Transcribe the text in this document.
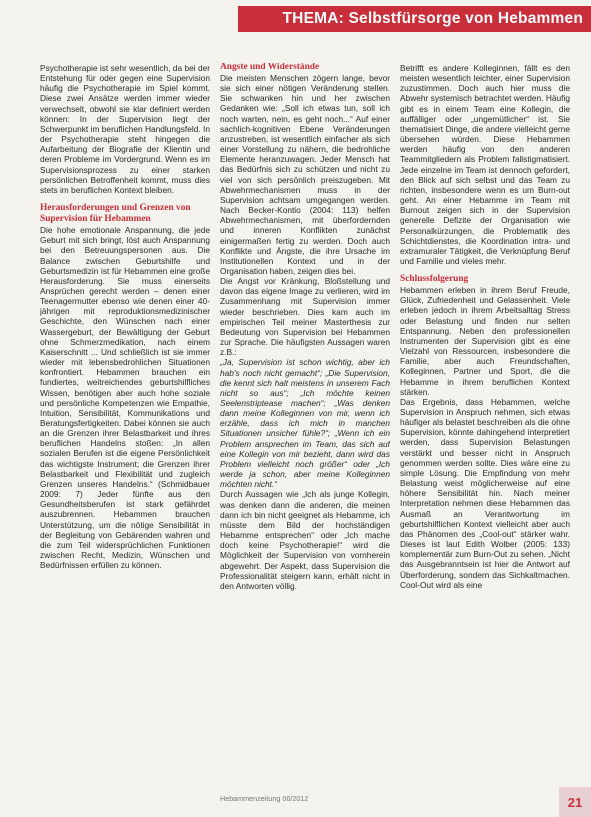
THEMA: Selbstfürsorge von Hebammen

Psychotherapie ist sehr wesentlich, da bei der Entstehung für oder gegen eine Supervision häufig die Psychotherapie im Spiel kommt. Diese zwei Ansätze werden immer wieder verwechselt, obwohl sie klar definiert werden können: In der Supervision liegt der Schwerpunkt im beruflichen Handlungsfeld. In der Psychotherapie steht hingegen die Aufarbeitung der Biografie der Klientin und deren Probleme im Vordergrund. Wenn es im Supervisionsprozess zu einer starken persönlichen Betroffenheit kommt, muss dies stets im beruflichen Kontext bleiben.

Herausforderungen und Grenzen von Supervision für Hebammen

Die hohe emotionale Anspannung, die jede Geburt mit sich bringt, löst auch Anspannung bei den Betreuungspersonen aus. Die Balance zwischen Geburtshilfe und Geburtsmedizin ist für Hebammen eine große Herausforderung. Sie muss einerseits Ansprüchen gerecht werden – denen einer Teenagermutter ebenso wie denen einer 40-jährigen mit reproduktionsmedizinischer Geschichte, den Wünschen nach einer Wassergeburt, der Bewältigung der Geburt ohne Schmerzmedikation, nach einem Kaiserschnitt ... Und schließlich ist sie immer wieder mit lebensbedrohlichen Situationen konfrontiert. Hebammen brauchen ein fundiertes, weitreichendes geburtshilfliches Wissen, benötigen aber auch hohe soziale und persönliche Kompetenzen wie Empathie, Intuition, Sensibilität, Kommunikations und Beratungsfertigkeiten. Dabei können sie auch an die Grenzen ihrer Belastbarkeit und ihres beruflichen Handelns stoßen: „In allen sozialen Berufen ist die eigene Persönlichkeit das wichtigste Instrument; die Grenzen ihrer Belastbarkeit und Flexibilität und zugleich Grenzen unseres Handelns.“ (Schmidbauer 2009: 7) Jeder fünfte aus den Gesundheitsberufen ist stark gefährdet auszubrennen. Hebammen brauchen Unterstützung, um die nötige Sensibilität in der Begleitung von Gebärenden wahren und die zum Teil widersprüchlichen Funktionen zwischen Recht, Medizin, Wünschen und Bedürfnissen erfüllen zu können.

Ängste und Widerstände

Die meisten Menschen zögern lange, bevor sie sich einer nötigen Veränderung stellen. Sie schwanken hin und her zwischen Gedanken wie: „Soll ich etwas tun, soll ich noch warten, nein, es geht noch...“ Auf einer sachlich-kognitiven Ebene Veränderungen anzustreben, ist wesentlich einfacher als sich einer Vorstellung zu nähern, die bedrohliche Elemente heranzuwagen. Jeder Mensch hat das Bedürfnis sich zu schützen und nicht zu viel von sich persönlich preiszugeben. Mit Abwehrmechanismen muss in der Supervision achtsam umgegangen werden. Nach Becker-Kontio (2004: 113) helfen Abwehrmechanismen, mit überfordernden und inneren Konflikten zunächst einigermaßen fertig zu werden. Doch auch Konflikte und Ängste, die ihre Ursache im Institutionellen Kontext und in der Organisation haben, zeigen dies bei.

Die Angst vor Kränkung, Bloßstellung und davon das eigene Image zu verlieren, wird im Zusammenhang mit Supervision immer wieder beschrieben. Dies kam auch im empirischen Teil meiner Masterthesis zur Bedeutung von Supervision bei Hebammen zur Sprache. Die häufigsten Aussagen waren z.B.:

„Ja, Supervision ist schon wichtig, aber ich hab's noch nicht gemacht“; „Die Supervision, die kennt sich halt meistens in unserem Fach nicht so aus“; „Ich möchte keinen Seelenstriptease machen“; „Was denken dann meine Kolleginnen von mir, wenn ich erzähle, dass ich mich in manchen Situationen unsicher fühle?“; „Wenn ich ein Problem ansprechen im Team, das sich auf eine Kollegin von mir bezieht, dann wird das Problem vielleicht noch größer“ oder „Ich werde ja schon, aber meine Kolleginnen möchten nicht.“

Durch Aussagen wie „Ich als junge Kollegin, was denken dann die anderen, die meinen dann ich bin nicht geeignet als Hebamme, ich müsste dem Bild der hochständigen Hebamme entsprechen“ oder „Ich mache doch keine Psychotherapie!“ wird die Möglichkeit der Supervision von vornherein abgewehrt. Der Aspekt, dass Supervision die Professionalität steigern kann, erhält nicht in den Antworten völlig.

Betrifft es andere Kolleginnen, fällt es den meisten wesentlich leichter, einer Supervision zuzustimmen. Doch auch hier muss die Abwehr systemisch betrachtet werden. Häufig gibt es in einem Team eine Kollegin, die auffälliger oder „ungemütlicher“ ist. Sie thematisiert Dinge, die andere vielleicht gerne übersehen würden. Diese Hebammen werden häufig von den anderen Teammitgliedern als Problem fallstigmatisiert. Jede einzelne im Team ist dennoch gefordert, den Blick auf sich selbst und das Team zu richten, insbesondere wenn es um Burn-out geht. An einer Hebamme im Team mit Burnout zeigen sich in der Supervision generelle Defizite der Organisation wie Personalkürzungen, die Problematik des Schichtdienstes, die Koordination intra- und extramuraler Tätigkeit, die Verknüpfung Beruf und Familie und vieles mehr.

Schlussfolgerung

Hebammen erleben in ihrem Beruf Freude, Glück, Zufriedenheit und Gelassenheit. Viele erleben jedoch in ihrem Arbeitsalltag Stress oder Belastung und finden nur selten Entspannung. Neben den professionellen Instrumenten der Supervision gibt es eine Vielzahl von Ressourcen, insbesondere die Familie, aber auch Freundschaften, Kolleginnen, Partner und Sport, die die Hebamme in ihrem beruflichen Kontext stärken.

Das Ergebnis, dass Hebammen, welche Supervision in Anspruch nehmen, sich etwas häufiger als belastet beschreiben als die ohne Supervision, könnte dahingehend interpretiert werden, dass Supervision Belastungen verstärkt und besser nicht in Anspruch genommen werden sollte. Dies wäre eine zu simple Lösung. Die Empfindung von mehr Belastung weist möglicherweise auf eine höhere Sensibilität hin. Nach meiner Interpretation nehmen diese Hebammen das Ausmaß an Verantwortung im geburtshilflichen Kontext vielleicht aber auch das Phänomen des „Cool-out“ stärker wahr. Dieses ist laut Edith Wolber (2005: 133) komplementär zum Burn-Out zu sehen. „Nicht das Ausgebranntsein ist hier die Antwort auf Überforderung, sondern das Sichkaltmachen. Cool-Out wird als eine

Hebammenzeitung 06/2012	21
